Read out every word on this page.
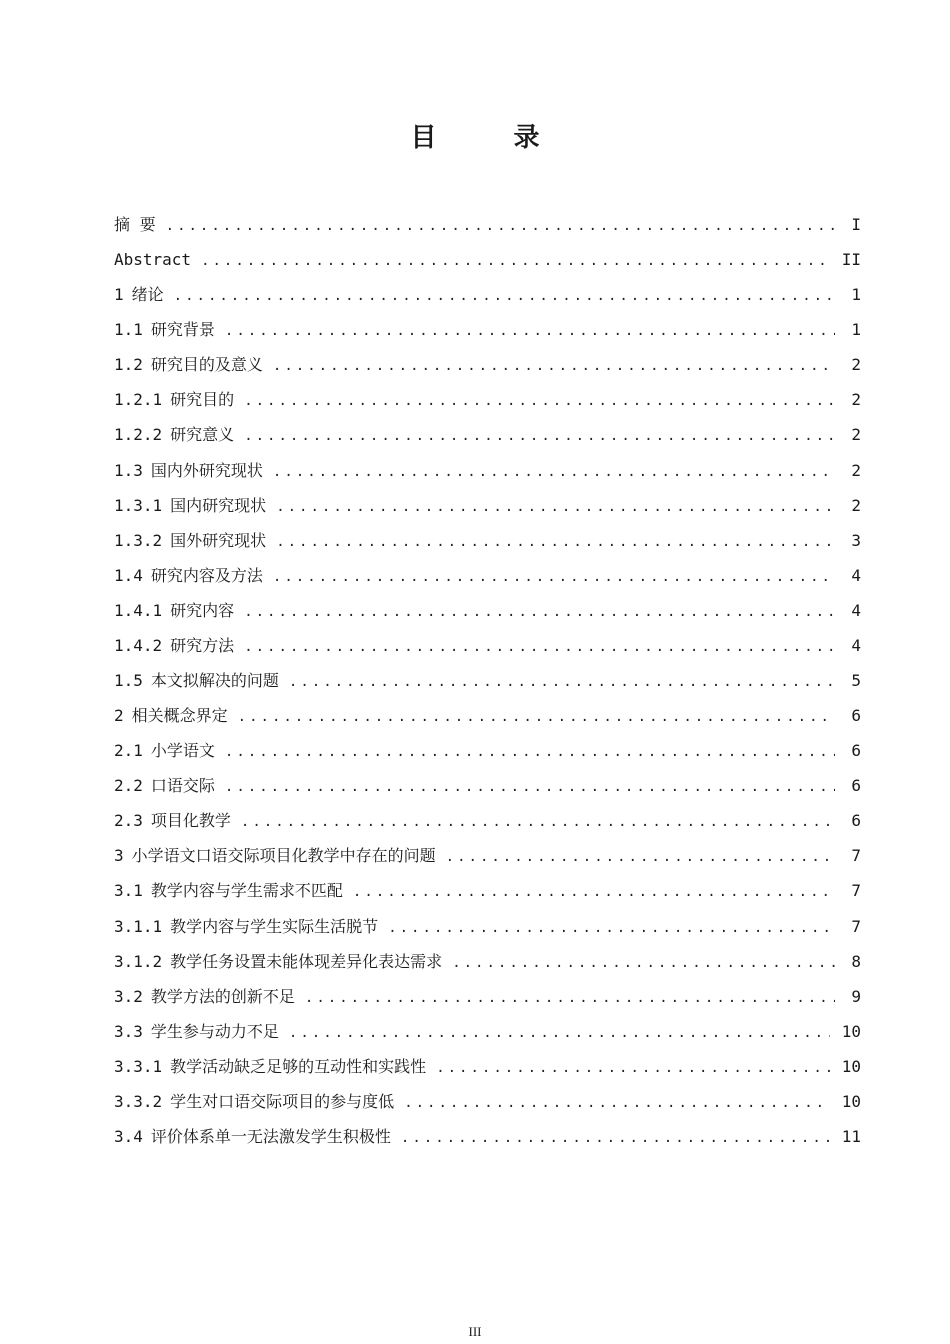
目 录
摘 要 .....	I
Abstract .....	II
1 绪论 .....	1
1.1 研究背景 .....	1
1.2 研究目的及意义 .....	2
1.2.1 研究目的 .....	2
1.2.2 研究意义 .....	2
1.3 国内外研究现状 .....	2
1.3.1 国内研究现状 .....	2
1.3.2 国外研究现状 .....	3
1.4 研究内容及方法 .....	4
1.4.1 研究内容 .....	4
1.4.2 研究方法 .....	4
1.5 本文拟解决的问题 .....	5
2 相关概念界定 .....	6
2.1 小学语文 .....	6
2.2 口语交际 .....	6
2.3 项目化教学 .....	6
3 小学语文口语交际项目化教学中存在的问题 .....	7
3.1 教学内容与学生需求不匹配 .....	7
3.1.1 教学内容与学生实际生活脱节 .....	7
3.1.2 教学任务设置未能体现差异化表达需求 .....	8
3.2 教学方法的创新不足 .....	9
3.3 学生参与动力不足 .....	10
3.3.1 教学活动缺乏足够的互动性和实践性 .....	10
3.3.2 学生对口语交际项目的参与度低 .....	10
3.4 评价体系单一无法激发学生积极性 .....	11
III
